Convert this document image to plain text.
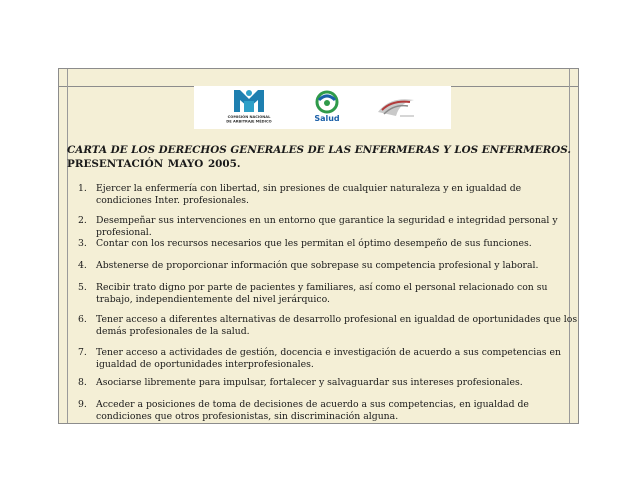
COMISIÓN NACIONAL
DE ARBITRAJE MÉDICO	Salud
CARTA DE LOS DERECHOS GENERALES DE LAS ENFERMERAS Y LOS ENFERMEROS.
PRESENTACIÓN MAYO 2005.
1. Ejercer la enfermería con libertad, sin presiones de cualquier naturaleza y en igualdad de condiciones Inter. profesionales.
2. Desempeñar sus intervenciones en un entorno que garantice la seguridad e integridad personal y profesional.
3. Contar con los recursos necesarios que les permitan el óptimo desempeño de sus funciones.
4. Abstenerse de proporcionar información que sobrepase su competencia profesional y laboral.
5. Recibir trato digno por parte de pacientes y familiares, así como el personal relacionado con su trabajo, independientemente del nivel jerárquico.
6. Tener acceso a diferentes alternativas de desarrollo profesional en igualdad de oportunidades que los demás profesionales de la salud.
7. Tener acceso a actividades de gestión, docencia e investigación de acuerdo a sus competencias en igualdad de oportunidades interprofesionales.
8. Asociarse libremente para impulsar, fortalecer y salvaguardar sus intereses profesionales.
9. Acceder a posiciones de toma de decisiones de acuerdo a sus competencias, en igualdad de condiciones que otros profesionistas, sin discriminación alguna.
